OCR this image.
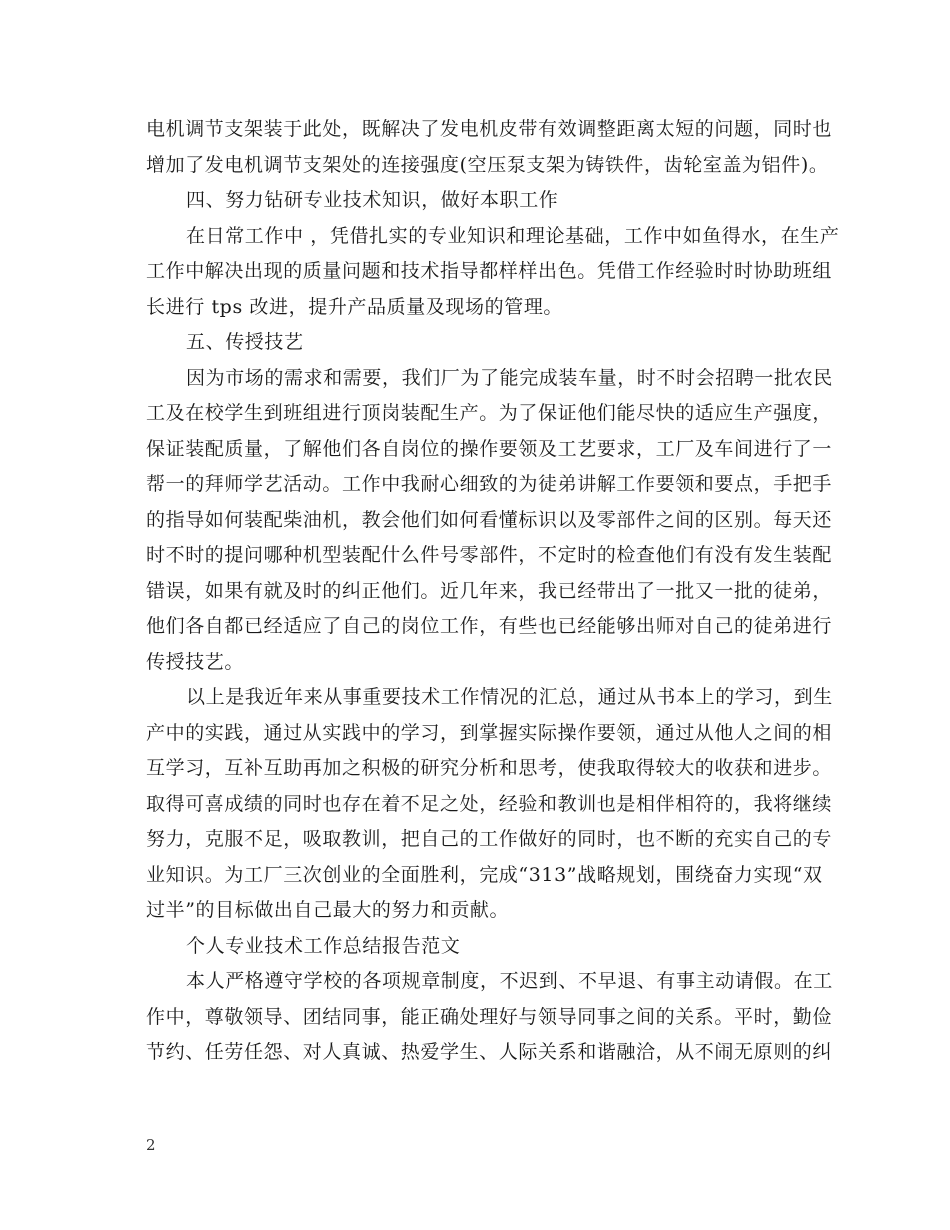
电机调节支架装于此处，既解决了发电机皮带有效调整距离太短的问题，同时也
增加了发电机调节支架处的连接强度(空压泵支架为铸铁件，齿轮室盖为铝件)。
四、努力钻研专业技术知识，做好本职工作
在日常工作中 ，凭借扎实的专业知识和理论基础，工作中如鱼得水，在生产
工作中解决出现的质量问题和技术指导都样样出色。凭借工作经验时时协助班组
长进行 tps 改进，提升产品质量及现场的管理。
五、传授技艺
因为市场的需求和需要，我们厂为了能完成装车量，时不时会招聘一批农民
工及在校学生到班组进行顶岗装配生产。为了保证他们能尽快的适应生产强度，
保证装配质量，了解他们各自岗位的操作要领及工艺要求，工厂及车间进行了一
帮一的拜师学艺活动。工作中我耐心细致的为徒弟讲解工作要领和要点，手把手
的指导如何装配柴油机，教会他们如何看懂标识以及零部件之间的区别。每天还
时不时的提问哪种机型装配什么件号零部件，不定时的检查他们有没有发生装配
错误，如果有就及时的纠正他们。近几年来，我已经带出了一批又一批的徒弟，
他们各自都已经适应了自己的岗位工作，有些也已经能够出师对自己的徒弟进行
传授技艺。
以上是我近年来从事重要技术工作情况的汇总，通过从书本上的学习，到生
产中的实践，通过从实践中的学习，到掌握实际操作要领，通过从他人之间的相
互学习，互补互助再加之积极的研究分析和思考，使我取得较大的收获和进步。
取得可喜成绩的同时也存在着不足之处，经验和教训也是相伴相符的，我将继续
努力，克服不足，吸取教训，把自己的工作做好的同时，也不断的充实自己的专
业知识。为工厂三次创业的全面胜利，完成“313”战略规划，围绕奋力实现“双
过半”的目标做出自己最大的努力和贡献。
个人专业技术工作总结报告范文
本人严格遵守学校的各项规章制度，不迟到、不早退、有事主动请假。在工
作中，尊敬领导、团结同事，能正确处理好与领导同事之间的关系。平时，勤俭
节约、任劳任怨、对人真诚、热爱学生、人际关系和谐融洽，从不闹无原则的纠
2
